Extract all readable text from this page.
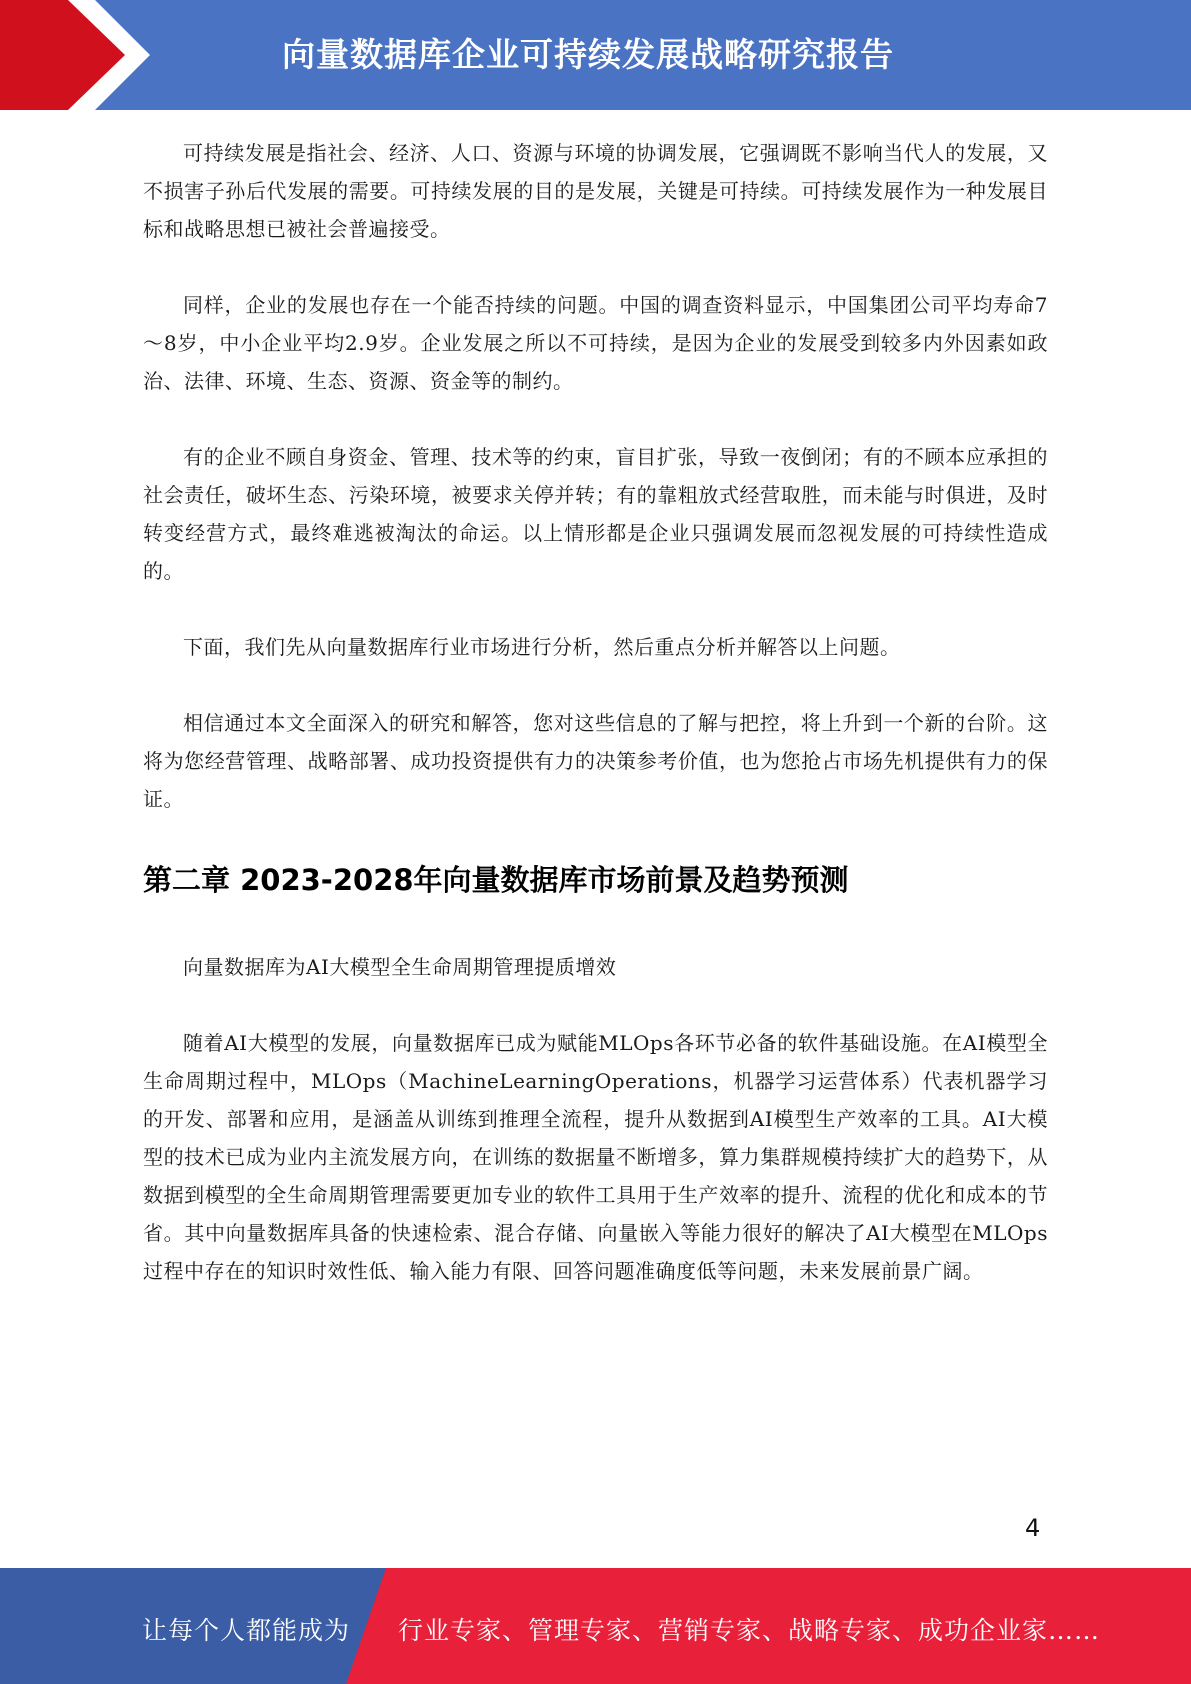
向量数据库企业可持续发展战略研究报告

可持续发展是指社会、经济、人口、资源与环境的协调发展，它强调既不影响当代人的发展，又不损害子孙后代发展的需要。可持续发展的目的是发展，关键是可持续。可持续发展作为一种发展目标和战略思想已被社会普遍接受。

同样，企业的发展也存在一个能否持续的问题。中国的调查资料显示，中国集团公司平均寿命7～8岁，中小企业平均2.9岁。企业发展之所以不可持续，是因为企业的发展受到较多内外因素如政治、法律、环境、生态、资源、资金等的制约。

有的企业不顾自身资金、管理、技术等的约束，盲目扩张，导致一夜倒闭；有的不顾本应承担的社会责任，破坏生态、污染环境，被要求关停并转；有的靠粗放式经营取胜，而未能与时俱进，及时转变经营方式，最终难逃被淘汰的命运。以上情形都是企业只强调发展而忽视发展的可持续性造成的。

下面，我们先从向量数据库行业市场进行分析，然后重点分析并解答以上问题。

相信通过本文全面深入的研究和解答，您对这些信息的了解与把控，将上升到一个新的台阶。这将为您经营管理、战略部署、成功投资提供有力的决策参考价值，也为您抢占市场先机提供有力的保证。

第二章 2023-2028年向量数据库市场前景及趋势预测

向量数据库为AI大模型全生命周期管理提质增效

随着AI大模型的发展，向量数据库已成为赋能MLOps各环节必备的软件基础设施。在AI模型全生命周期过程中，MLOps（MachineLearningOperations，机器学习运营体系）代表机器学习的开发、部署和应用，是涵盖从训练到推理全流程，提升从数据到AI模型生产效率的工具。AI大模型的技术已成为业内主流发展方向，在训练的数据量不断增多，算力集群规模持续扩大的趋势下，从数据到模型的全生命周期管理需要更加专业的软件工具用于生产效率的提升、流程的优化和成本的节省。其中向量数据库具备的快速检索、混合存储、向量嵌入等能力很好的解决了AI大模型在MLOps过程中存在的知识时效性低、输入能力有限、回答问题准确度低等问题，未来发展前景广阔。

4
让每个人都能成为 行业专家、管理专家、营销专家、战略专家、成功企业家……
